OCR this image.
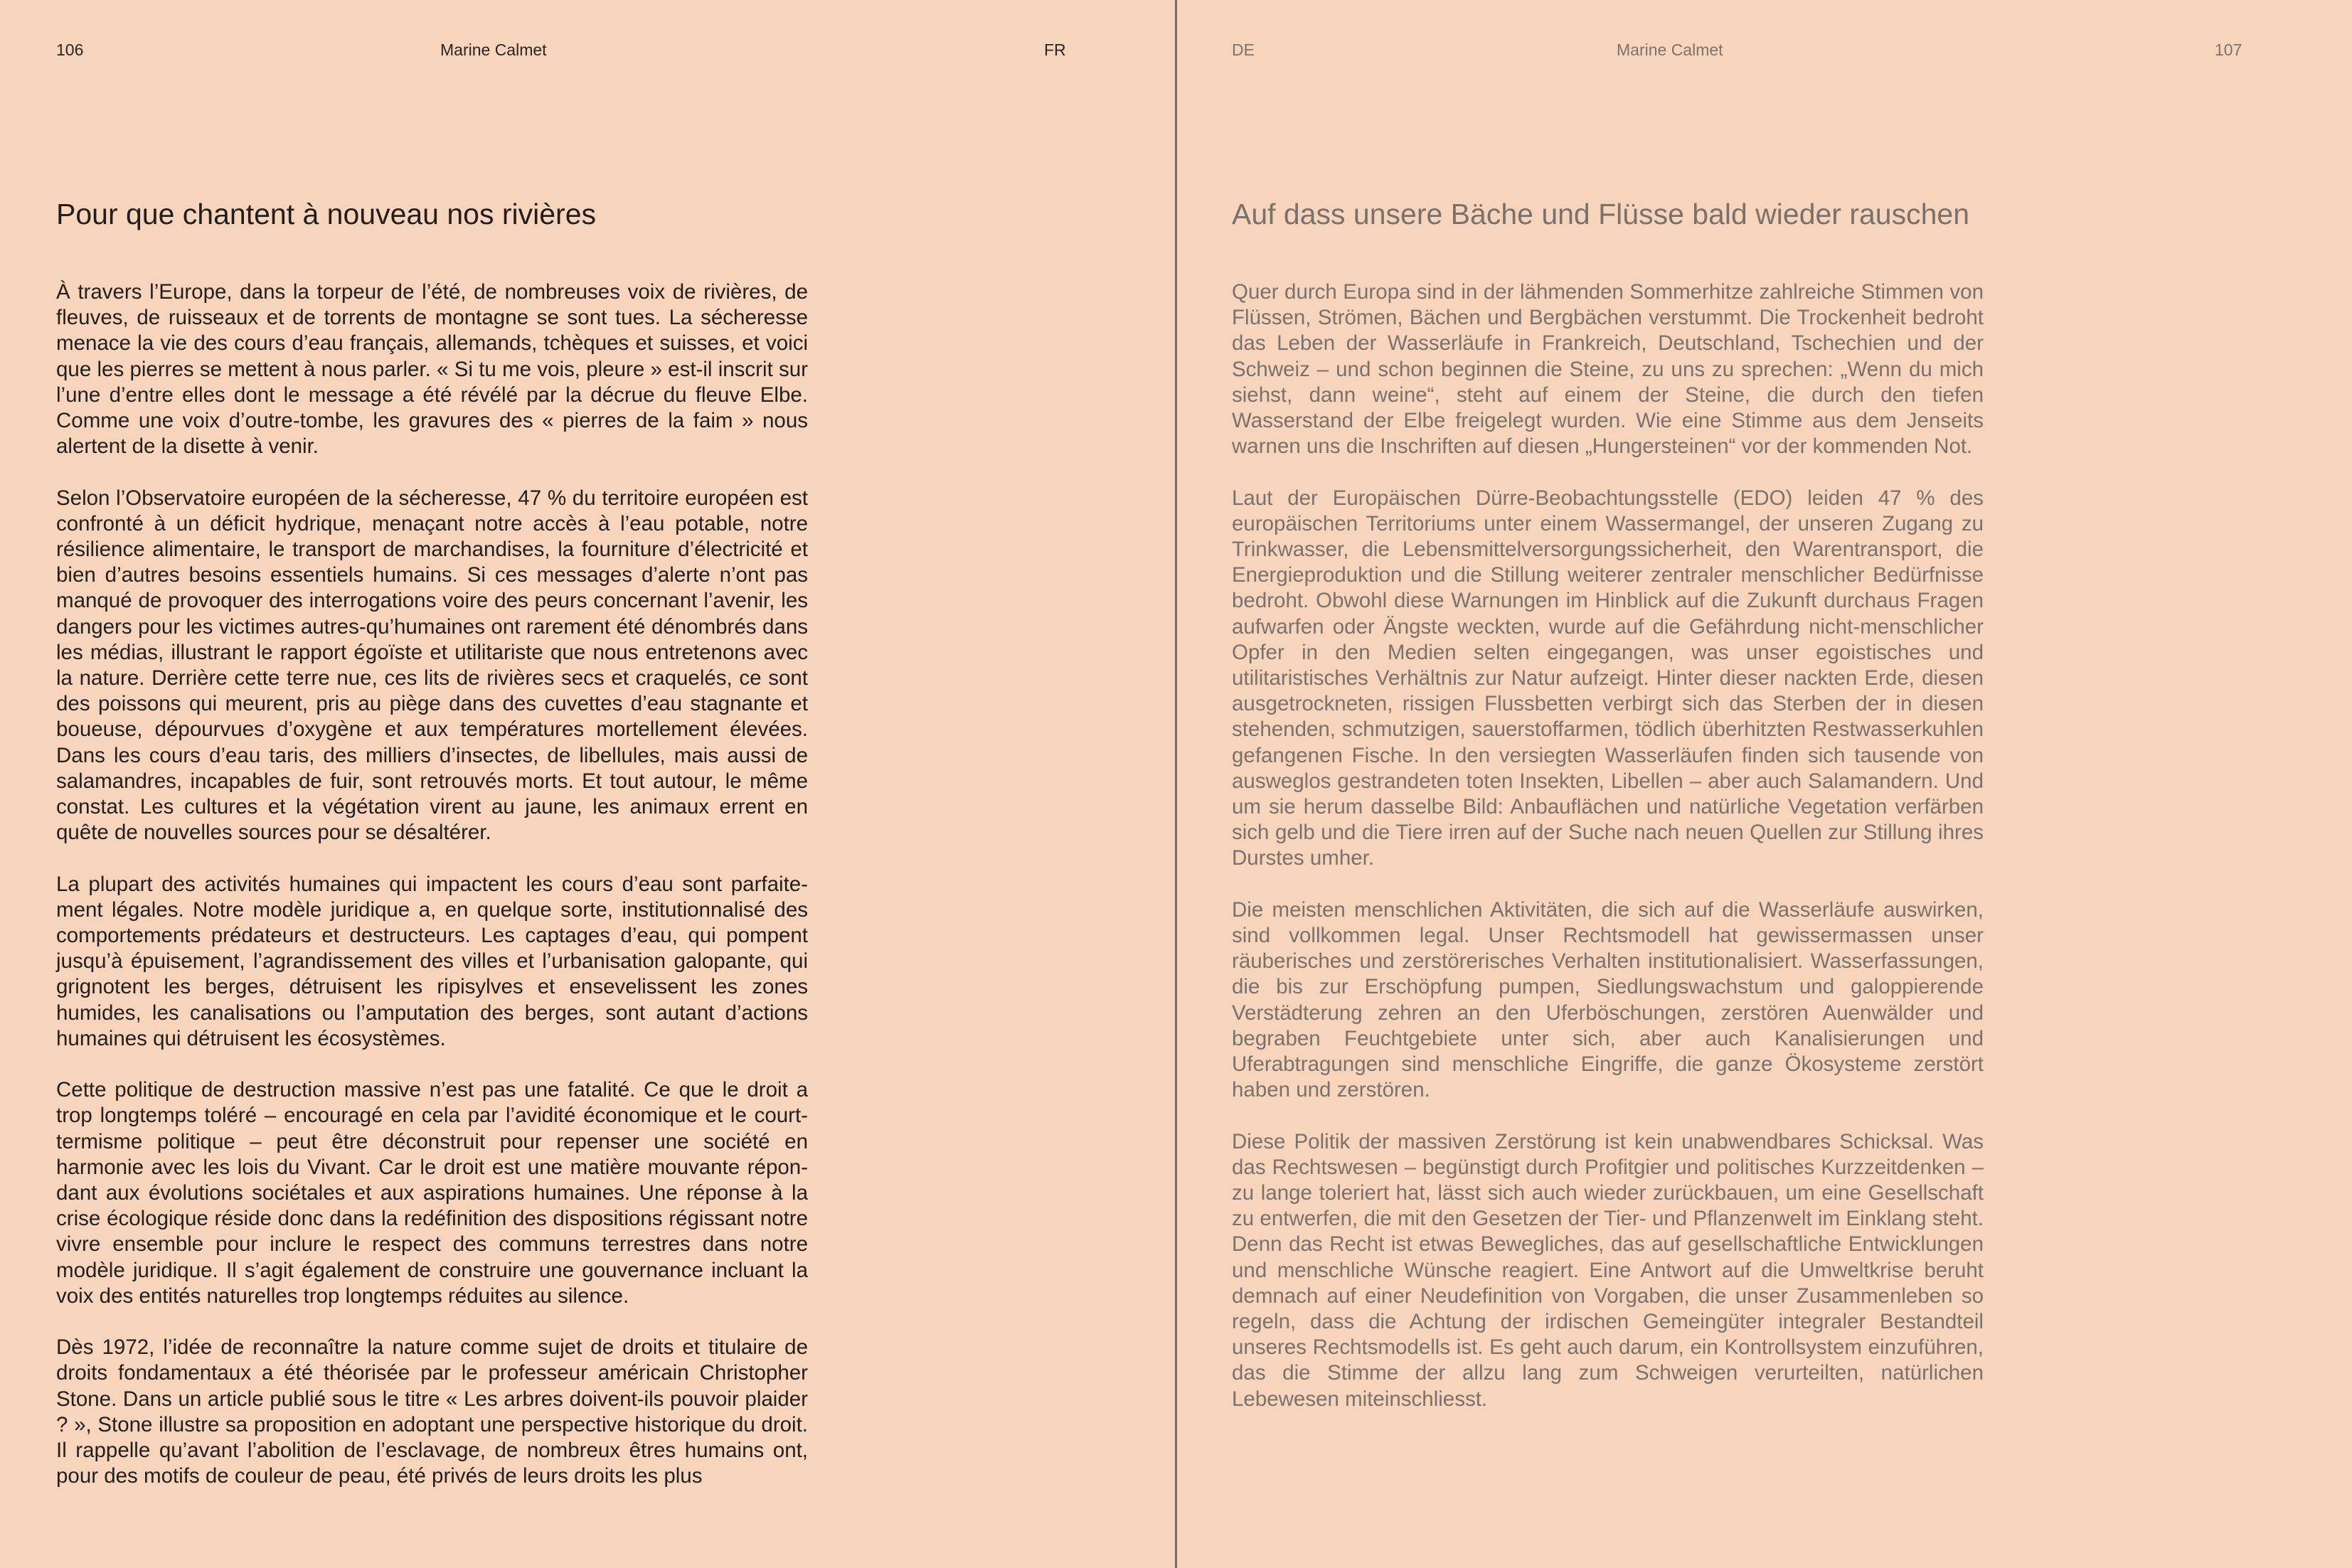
106	Marine Calmet	FR
Pour que chantent à nouveau nos rivières

À travers l’Europe, dans la torpeur de l’été, de nombreuses voix de rivières, de fleuves, de ruisseaux et de torrents de montagne se sont tues. La sécheresse menace la vie des cours d’eau français, allemands, tchèques et suisses, et voici que les pierres se mettent à nous parler. « Si tu me vois, pleure » est-il inscrit sur l’une d’entre elles dont le message a été révélé par la décrue du fleuve Elbe. Comme une voix d’outre-tombe, les gravures des « pierres de la faim » nous alertent de la disette à venir.

Selon l’Observatoire européen de la sécheresse, 47 % du territoire européen est confronté à un déficit hydrique, menaçant notre accès à l’eau potable, notre résilience alimentaire, le transport de marchandises, la fourniture d’électricité et bien d’autres besoins essentiels humains. Si ces messages d’alerte n’ont pas manqué de provoquer des interrogations voire des peurs concernant l’avenir, les dangers pour les victimes autres-qu’humaines ont rarement été dénombrés dans les médias, illustrant le rapport égoïste et utilitariste que nous entretenons avec la nature. Derrière cette terre nue, ces lits de rivières secs et craquelés, ce sont des poissons qui meurent, pris au piège dans des cuvettes d’eau stagnante et boueuse, dépourvues d’oxygène et aux températures mortellement élevées. Dans les cours d’eau taris, des milliers d’insectes, de libellules, mais aussi de salamandres, incapables de fuir, sont retrouvés morts. Et tout autour, le même constat. Les cultures et la végétation virent au jaune, les animaux errent en quête de nouvelles sources pour se désaltérer.

La plupart des activités humaines qui impactent les cours d’eau sont parfaitement légales. Notre modèle juridique a, en quelque sorte, institutionnalisé des comportements prédateurs et destructeurs. Les captages d’eau, qui pompent jusqu’à épuisement, l’agrandissement des villes et l’urbanisation galopante, qui grignotent les berges, détruisent les ripisylves et ensevelissent les zones humides, les canalisations ou l’amputation des berges, sont autant d’actions humaines qui détruisent les écosystèmes.

Cette politique de destruction massive n’est pas une fatalité. Ce que le droit a trop longtemps toléré – encouragé en cela par l’avidité économique et le court-termisme politique – peut être déconstruit pour repenser une société en harmonie avec les lois du Vivant. Car le droit est une matière mouvante répondant aux évolutions sociétales et aux aspirations humaines. Une réponse à la crise écologique réside donc dans la redéfinition des dispositions régissant notre vivre ensemble pour inclure le respect des communs terrestres dans notre modèle juridique. Il s’agit également de construire une gouvernance incluant la voix des entités naturelles trop longtemps réduites au silence.

Dès 1972, l’idée de reconnaître la nature comme sujet de droits et titulaire de droits fondamentaux a été théorisée par le professeur américain Christopher Stone. Dans un article publié sous le titre « Les arbres doivent-ils pouvoir plaider ? », Stone illustre sa proposition en adoptant une perspective historique du droit. Il rappelle qu’avant l’abolition de l’esclavage, de nombreux êtres humains ont, pour des motifs de couleur de peau, été privés de leurs droits les plus

DE	Marine Calmet	107
Auf dass unsere Bäche und Flüsse bald wieder rauschen

Quer durch Europa sind in der lähmenden Sommerhitze zahlreiche Stimmen von Flüssen, Strömen, Bächen und Bergbächen verstummt. Die Trockenheit bedroht das Leben der Wasserläufe in Frankreich, Deutschland, Tschechien und der Schweiz – und schon beginnen die Steine, zu uns zu sprechen: „Wenn du mich siehst, dann weine“, steht auf einem der Steine, die durch den tiefen Wasserstand der Elbe freigelegt wurden. Wie eine Stimme aus dem Jenseits warnen uns die Inschriften auf diesen „Hungersteinen“ vor der kommenden Not.

Laut der Europäischen Dürre-Beobachtungsstelle (EDO) leiden 47 % des europäischen Territoriums unter einem Wassermangel, der unseren Zugang zu Trinkwasser, die Lebensmittelversorgungssicherheit, den Warentransport, die Energieproduktion und die Stillung weiterer zentraler menschlicher Bedürfnisse bedroht. Obwohl diese Warnungen im Hinblick auf die Zukunft durchaus Fragen aufwarfen oder Ängste weckten, wurde auf die Gefährdung nicht-menschlicher Opfer in den Medien selten eingegangen, was unser egoistisches und utilitaristisches Verhältnis zur Natur aufzeigt. Hinter dieser nackten Erde, diesen ausgetrockneten, rissigen Flussbetten verbirgt sich das Sterben der in diesen stehenden, schmutzigen, sauerstoffarmen, tödlich überhitzten Restwasserkuhlen gefangenen Fische. In den versiegten Wasserläufen finden sich tausende von ausweglos gestrandeten toten Insekten, Libellen – aber auch Salamandern. Und um sie herum dasselbe Bild: Anbauflächen und natürliche Vegetation verfärben sich gelb und die Tiere irren auf der Suche nach neuen Quellen zur Stillung ihres Durstes umher.

Die meisten menschlichen Aktivitäten, die sich auf die Wasserläufe auswirken, sind vollkommen legal. Unser Rechtsmodell hat gewissermassen unser räuberisches und zerstörerisches Verhalten institutionalisiert. Wasserfassungen, die bis zur Erschöpfung pumpen, Siedlungswachstum und galoppierende Verstädterung zehren an den Uferböschungen, zerstören Auenwälder und begraben Feuchtgebiete unter sich, aber auch Kanalisierungen und Uferabtragungen sind menschliche Eingriffe, die ganze Ökosysteme zerstört haben und zerstören.

Diese Politik der massiven Zerstörung ist kein unabwendbares Schicksal. Was das Rechtswesen – begünstigt durch Profitgier und politisches Kurzzeitdenken – zu lange toleriert hat, lässt sich auch wieder zurückbauen, um eine Gesellschaft zu entwerfen, die mit den Gesetzen der Tier- und Pflanzenwelt im Einklang steht. Denn das Recht ist etwas Bewegliches, das auf gesellschaftliche Entwicklungen und menschliche Wünsche reagiert. Eine Antwort auf die Umweltkrise beruht demnach auf einer Neudefinition von Vorgaben, die unser Zusammenleben so regeln, dass die Achtung der irdischen Gemeingüter integraler Bestandteil unseres Rechtsmodells ist. Es geht auch darum, ein Kontrollsystem einzuführen, das die Stimme der allzu lang zum Schweigen verurteilten, natürlichen Lebewesen miteinschliesst.
